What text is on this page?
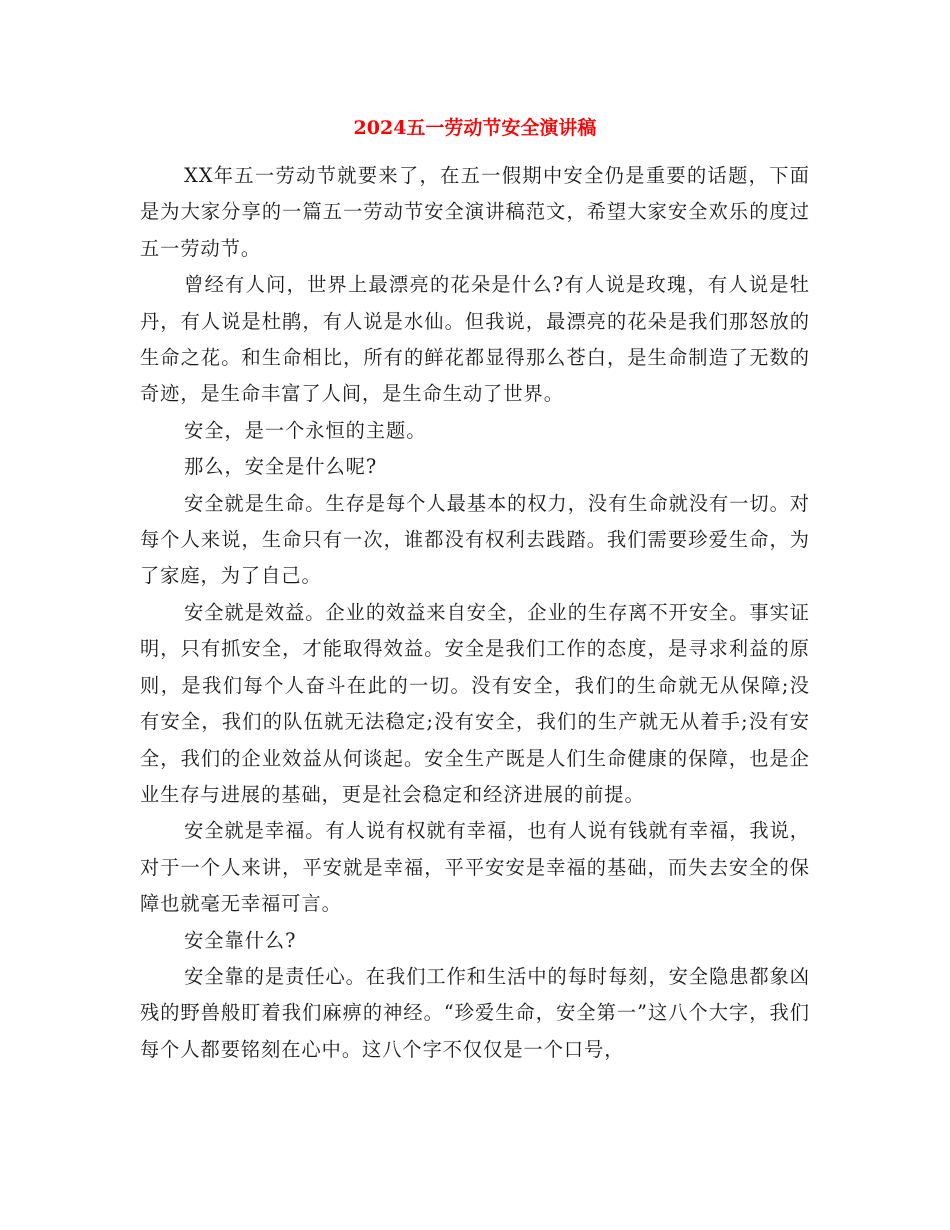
2024五一劳动节安全演讲稿

XX年五一劳动节就要来了，在五一假期中安全仍是重要的话题，下面是为大家分享的一篇五一劳动节安全演讲稿范文，希望大家安全欢乐的度过五一劳动节。

曾经有人问，世界上最漂亮的花朵是什么?有人说是玫瑰，有人说是牡丹，有人说是杜鹃，有人说是水仙。但我说，最漂亮的花朵是我们那怒放的生命之花。和生命相比，所有的鲜花都显得那么苍白，是生命制造了无数的奇迹，是生命丰富了人间，是生命生动了世界。

安全，是一个永恒的主题。

那么，安全是什么呢?

安全就是生命。生存是每个人最基本的权力，没有生命就没有一切。对每个人来说，生命只有一次，谁都没有权利去践踏。我们需要珍爱生命，为了家庭，为了自己。

安全就是效益。企业的效益来自安全，企业的生存离不开安全。事实证明，只有抓安全，才能取得效益。安全是我们工作的态度，是寻求利益的原则，是我们每个人奋斗在此的一切。没有安全，我们的生命就无从保障;没有安全，我们的队伍就无法稳定;没有安全，我们的生产就无从着手;没有安全，我们的企业效益从何谈起。安全生产既是人们生命健康的保障，也是企业生存与进展的基础，更是社会稳定和经济进展的前提。

安全就是幸福。有人说有权就有幸福，也有人说有钱就有幸福，我说，对于一个人来讲，平安就是幸福，平平安安是幸福的基础，而失去安全的保障也就毫无幸福可言。

安全靠什么?

安全靠的是责任心。在我们工作和生活中的每时每刻，安全隐患都象凶残的野兽般盯着我们麻痹的神经。“珍爱生命，安全第一”这八个大字，我们每个人都要铭刻在心中。这八个字不仅仅是一个口号，
